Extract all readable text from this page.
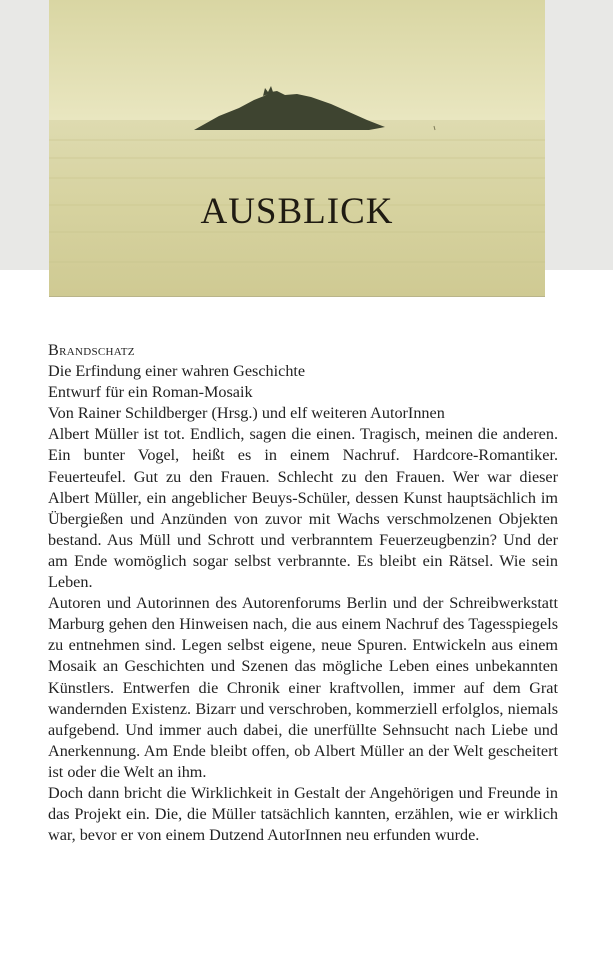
AUSBLICK
Brandschatz
Die Erfindung einer wahren Geschichte
Entwurf für ein Roman-Mosaik
Von Rainer Schildberger (Hrsg.) und elf weiteren AutorInnen

Albert Müller ist tot. Endlich, sagen die einen. Tragisch, meinen die anderen. Ein bunter Vogel, heißt es in einem Nachruf. Hardcore-Romantiker. Feuerteufel. Gut zu den Frauen. Schlecht zu den Frauen. Wer war dieser Albert Müller, ein angeblicher Beuys-Schüler, dessen Kunst hauptsächlich im Übergießen und Anzünden von zuvor mit Wachs verschmolzenen Objekten bestand. Aus Müll und Schrott und verbranntem Feuerzeugbenzin? Und der am Ende womöglich sogar selbst verbrannte. Es bleibt ein Rätsel. Wie sein Leben.

Autoren und Autorinnen des Autorenforums Berlin und der Schreibwerkstatt Marburg gehen den Hinweisen nach, die aus einem Nachruf des Tagesspiegels zu entnehmen sind. Legen selbst eigene, neue Spuren. Entwickeln aus einem Mosaik an Geschichten und Szenen das mögliche Leben eines unbekannten Künstlers. Entwerfen die Chronik einer kraftvollen, immer auf dem Grat wandernden Existenz. Bizarr und verschroben, kommerziell erfolglos, niemals aufgebend. Und immer auch dabei, die unerfüllte Sehnsucht nach Liebe und Anerkennung. Am Ende bleibt offen, ob Albert Müller an der Welt gescheitert ist oder die Welt an ihm.

Doch dann bricht die Wirklichkeit in Gestalt der Angehörigen und Freunde in das Projekt ein. Die, die Müller tatsächlich kannten, erzählen, wie er wirklich war, bevor er von einem Dutzend AutorInnen neu erfunden wurde.
